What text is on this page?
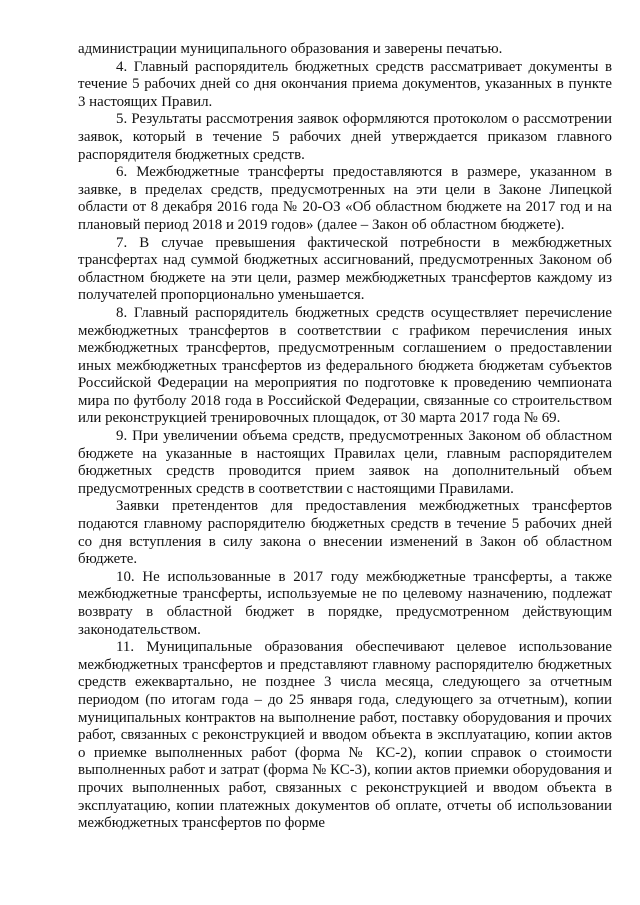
администрации муниципального образования и заверены печатью.

4. Главный распорядитель бюджетных средств рассматривает документы в течение 5 рабочих дней со дня окончания приема документов, указанных в пункте 3 настоящих Правил.

5. Результаты рассмотрения заявок оформляются протоколом о рассмотрении заявок, который в течение 5 рабочих дней утверждается приказом главного распорядителя бюджетных средств.

6. Межбюджетные трансферты предоставляются в размере, указанном в заявке, в пределах средств, предусмотренных на эти цели в Законе Липецкой области от 8 декабря 2016 года № 20-ОЗ «Об областном бюджете на 2017 год и на плановый период 2018 и 2019 годов» (далее – Закон об областном бюджете).

7. В случае превышения фактической потребности в межбюджетных трансфертах над суммой бюджетных ассигнований, предусмотренных Законом об областном бюджете на эти цели, размер межбюджетных трансфертов каждому из получателей пропорционально уменьшается.

8. Главный распорядитель бюджетных средств осуществляет перечисление межбюджетных трансфертов в соответствии с графиком перечисления иных межбюджетных трансфертов, предусмотренным соглашением о предоставлении иных межбюджетных трансфертов из федерального бюджета бюджетам субъектов Российской Федерации на мероприятия по подготовке к проведению чемпионата мира по футболу 2018 года в Российской Федерации, связанные со строительством или реконструкцией тренировочных площадок, от 30 марта 2017 года № 69.

9. При увеличении объема средств, предусмотренных Законом об областном бюджете на указанные в настоящих Правилах цели, главным распорядителем бюджетных средств проводится прием заявок на дополнительный объем предусмотренных средств в соответствии с настоящими Правилами.

Заявки претендентов для предоставления межбюджетных трансфертов подаются главному распорядителю бюджетных средств в течение 5 рабочих дней со дня вступления в силу закона о внесении изменений в Закон об областном бюджете.

10. Не использованные в 2017 году межбюджетные трансферты, а также межбюджетные трансферты, используемые не по целевому назначению, подлежат возврату в областной бюджет в порядке, предусмотренном действующим законодательством.

11. Муниципальные образования обеспечивают целевое использование межбюджетных трансфертов и представляют главному распорядителю бюджетных средств ежеквартально, не позднее 3 числа месяца, следующего за отчетным периодом (по итогам года – до 25 января года, следующего за отчетным), копии муниципальных контрактов на выполнение работ, поставку оборудования и прочих работ, связанных с реконструкцией и вводом объекта в эксплуатацию, копии актов о приемке выполненных работ (форма № КС-2), копии справок о стоимости выполненных работ и затрат (форма № КС-3), копии актов приемки оборудования и прочих выполненных работ, связанных с реконструкцией и вводом объекта в эксплуатацию, копии платежных документов об оплате, отчеты об использовании межбюджетных трансфертов по форме
